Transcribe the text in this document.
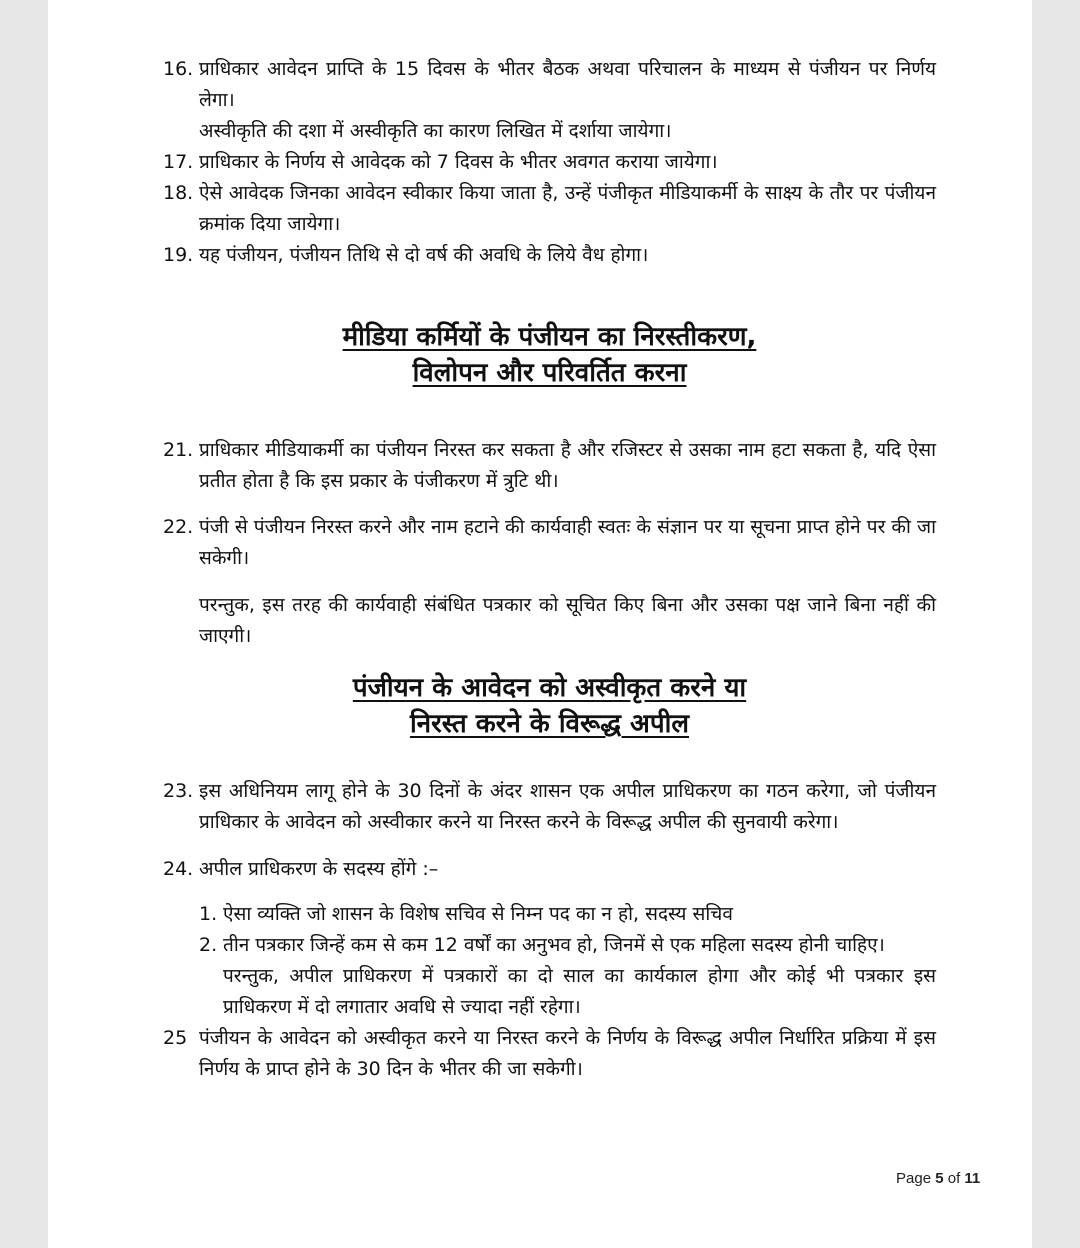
16. प्राधिकार आवेदन प्राप्ति के 15 दिवस के भीतर बैठक अथवा परिचालन के माध्यम से पंजीयन पर निर्णय लेगा।
अस्वीकृति की दशा में अस्वीकृति का कारण लिखित में दर्शाया जायेगा।
17. प्राधिकार के निर्णय से आवेदक को 7 दिवस के भीतर अवगत कराया जायेगा।
18. ऐसे आवेदक जिनका आवेदन स्वीकार किया जाता है, उन्हें पंजीकृत मीडियाकर्मी के साक्ष्य के तौर पर पंजीयन क्रमांक दिया जायेगा।
19. यह पंजीयन, पंजीयन तिथि से दो वर्ष की अवधि के लिये वैध होगा।
मीडिया कर्मियों के पंजीयन का निरस्तीकरण,
विलोपन और परिवर्तित करना
21. प्राधिकार मीडियाकर्मी का पंजीयन निरस्त कर सकता है और रजिस्टर से उसका नाम हटा सकता है, यदि ऐसा प्रतीत होता है कि इस प्रकार के पंजीकरण में त्रुटि थी।
22. पंजी से पंजीयन निरस्त करने और नाम हटाने की कार्यवाही स्वतः के संज्ञान पर या सूचना प्राप्त होने पर की जा सकेगी।
परन्तुक, इस तरह की कार्यवाही संबंधित पत्रकार को सूचित किए बिना और उसका पक्ष जाने बिना नहीं की जाएगी।
पंजीयन के आवेदन को अस्वीकृत करने या
निरस्त करने के विरूद्ध अपील
23. इस अधिनियम लागू होने के 30 दिनों के अंदर शासन एक अपील प्राधिकरण का गठन करेगा, जो पंजीयन प्राधिकार के आवेदन को अस्वीकार करने या निरस्त करने के विरूद्ध अपील की सुनवायी करेगा।
24. अपील प्राधिकरण के सदस्य होंगे :–
1. ऐसा व्यक्ति जो शासन के विशेष सचिव से निम्न पद का न हो, सदस्य सचिव
2. तीन पत्रकार जिन्हें कम से कम 12 वर्षों का अनुभव हो, जिनमें से एक महिला सदस्य होनी चाहिए।
परन्तुक, अपील प्राधिकरण में पत्रकारों का दो साल का कार्यकाल होगा और कोई भी पत्रकार इस प्राधिकरण में दो लगातार अवधि से ज्यादा नहीं रहेगा।
25 पंजीयन के आवेदन को अस्वीकृत करने या निरस्त करने के निर्णय के विरूद्ध अपील निर्धारित प्रक्रिया में इस निर्णय के प्राप्त होने के 30 दिन के भीतर की जा सकेगी।
Page 5 of 11
